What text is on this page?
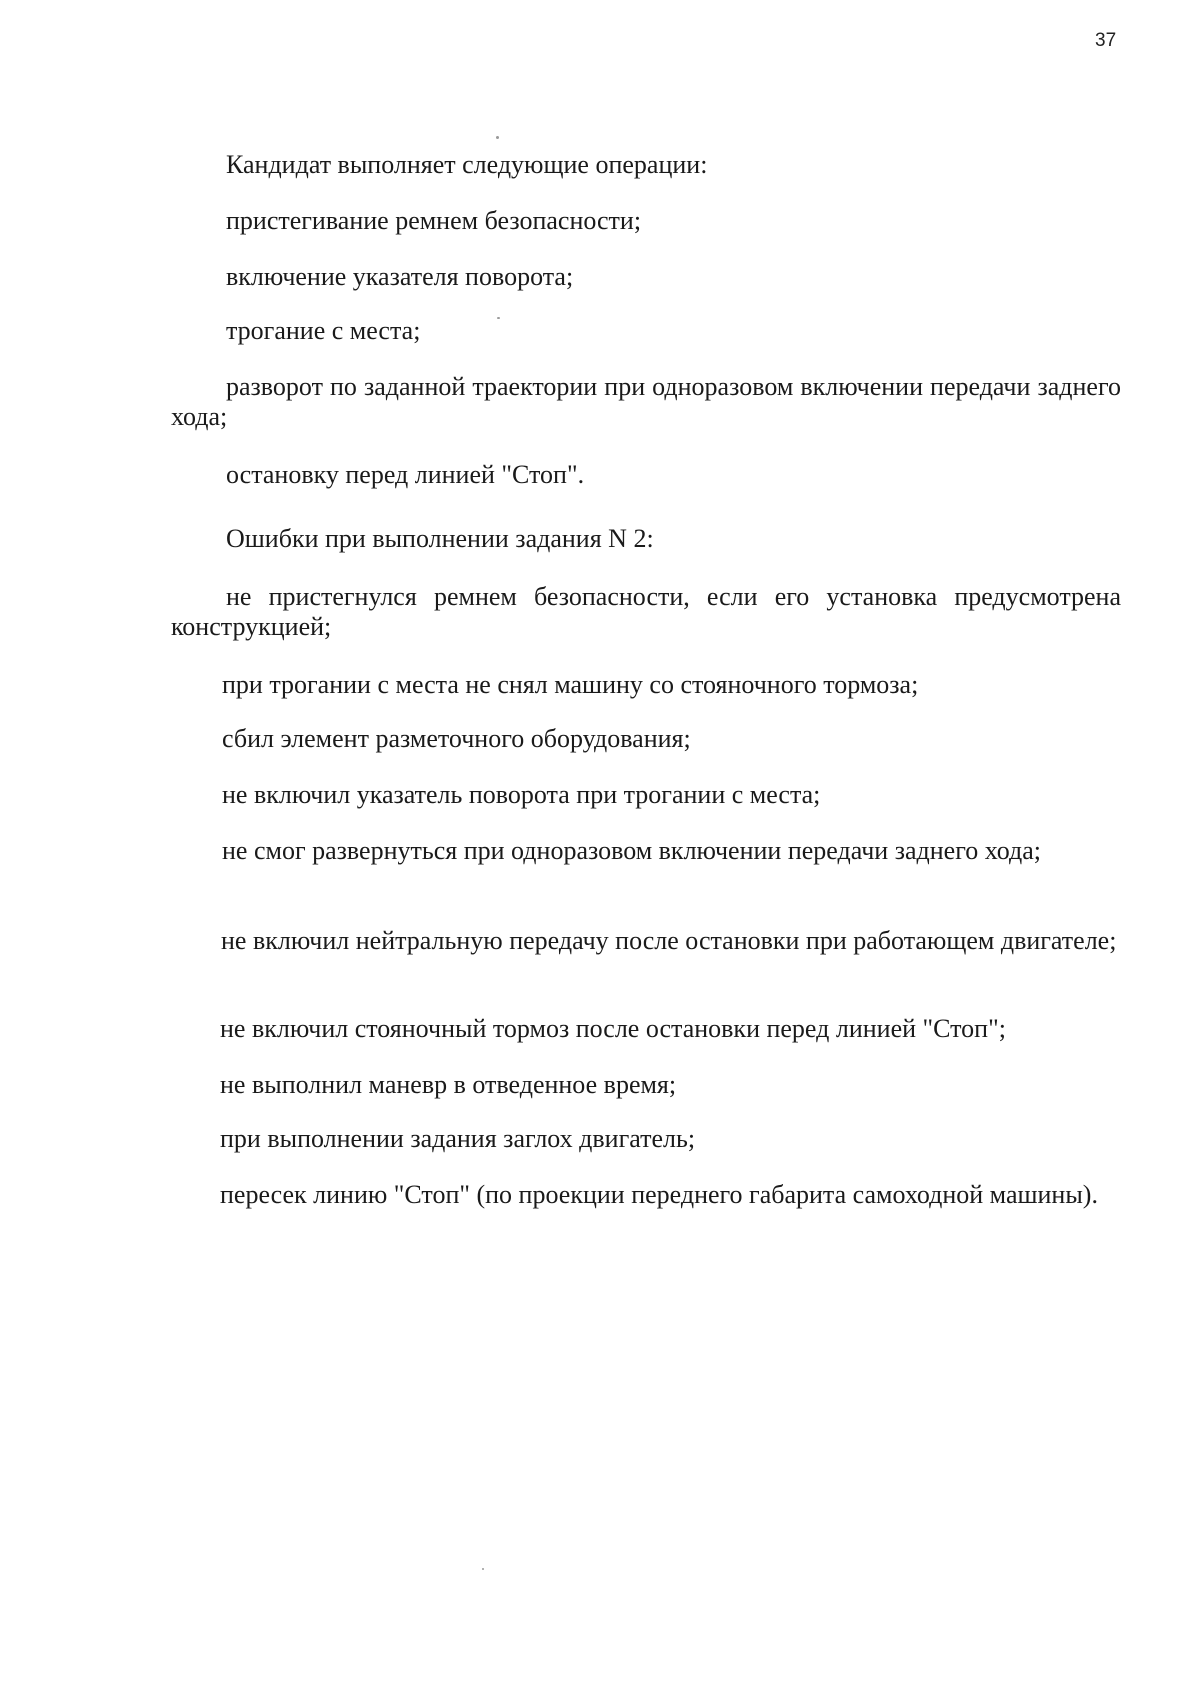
37

Кандидат выполняет следующие операции:

пристегивание ремнем безопасности;

включение указателя поворота;

трогание с места;

разворот по заданной траектории при одноразовом включении передачи заднего хода;

остановку перед линией "Стоп".

Ошибки при выполнении задания N 2:

не пристегнулся ремнем безопасности, если его установка предусмотрена конструкцией;

при трогании с места не снял машину со стояночного тормоза;

сбил элемент разметочного оборудования;

не включил указатель поворота при трогании с места;

не смог развернуться при одноразовом включении передачи заднего хода;

не включил нейтральную передачу после остановки при работающем двигателе;

не включил стояночный тормоз после остановки перед линией "Стоп";

не выполнил маневр в отведенное время;

при выполнении задания заглох двигатель;

пересек линию "Стоп" (по проекции переднего габарита самоходной машины).
